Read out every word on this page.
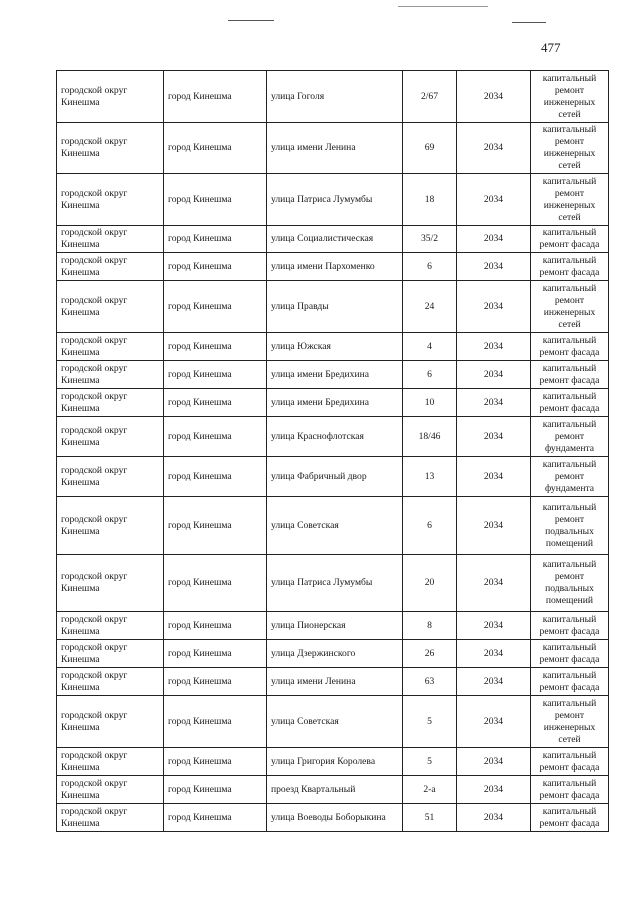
477
городской округ Кинешма	город Кинешма	улица Гоголя	2/67	2034	капитальный ремонт инженерных сетей
городской округ Кинешма	город Кинешма	улица имени Ленина	69	2034	капитальный ремонт инженерных сетей
городской округ Кинешма	город Кинешма	улица Патриса Лумумбы	18	2034	капитальный ремонт инженерных сетей
городской округ Кинешма	город Кинешма	улица Социалистическая	35/2	2034	капитальный ремонт фасада
городской округ Кинешма	город Кинешма	улица имени Пархоменко	6	2034	капитальный ремонт фасада
городской округ Кинешма	город Кинешма	улица Правды	24	2034	капитальный ремонт инженерных сетей
городской округ Кинешма	город Кинешма	улица Южская	4	2034	капитальный ремонт фасада
городской округ Кинешма	город Кинешма	улица имени Бредихина	6	2034	капитальный ремонт фасада
городской округ Кинешма	город Кинешма	улица имени Бредихина	10	2034	капитальный ремонт фасада
городской округ Кинешма	город Кинешма	улица Краснофлотская	18/46	2034	капитальный ремонт фундамента
городской округ Кинешма	город Кинешма	улица Фабричный двор	13	2034	капитальный ремонт фундамента
городской округ Кинешма	город Кинешма	улица Советская	6	2034	капитальный ремонт подвальных помещений
городской округ Кинешма	город Кинешма	улица Патриса Лумумбы	20	2034	капитальный ремонт подвальных помещений
городской округ Кинешма	город Кинешма	улица Пионерская	8	2034	капитальный ремонт фасада
городской округ Кинешма	город Кинешма	улица Дзержинского	26	2034	капитальный ремонт фасада
городской округ Кинешма	город Кинешма	улица имени Ленина	63	2034	капитальный ремонт фасада
городской округ Кинешма	город Кинешма	улица Советская	5	2034	капитальный ремонт инженерных сетей
городской округ Кинешма	город Кинешма	улица Григория Королева	5	2034	капитальный ремонт фасада
городской округ Кинешма	город Кинешма	проезд Квартальный	2-а	2034	капитальный ремонт фасада
городской округ Кинешма	город Кинешма	улица Воеводы Боборыкина	51	2034	капитальный ремонт фасада
